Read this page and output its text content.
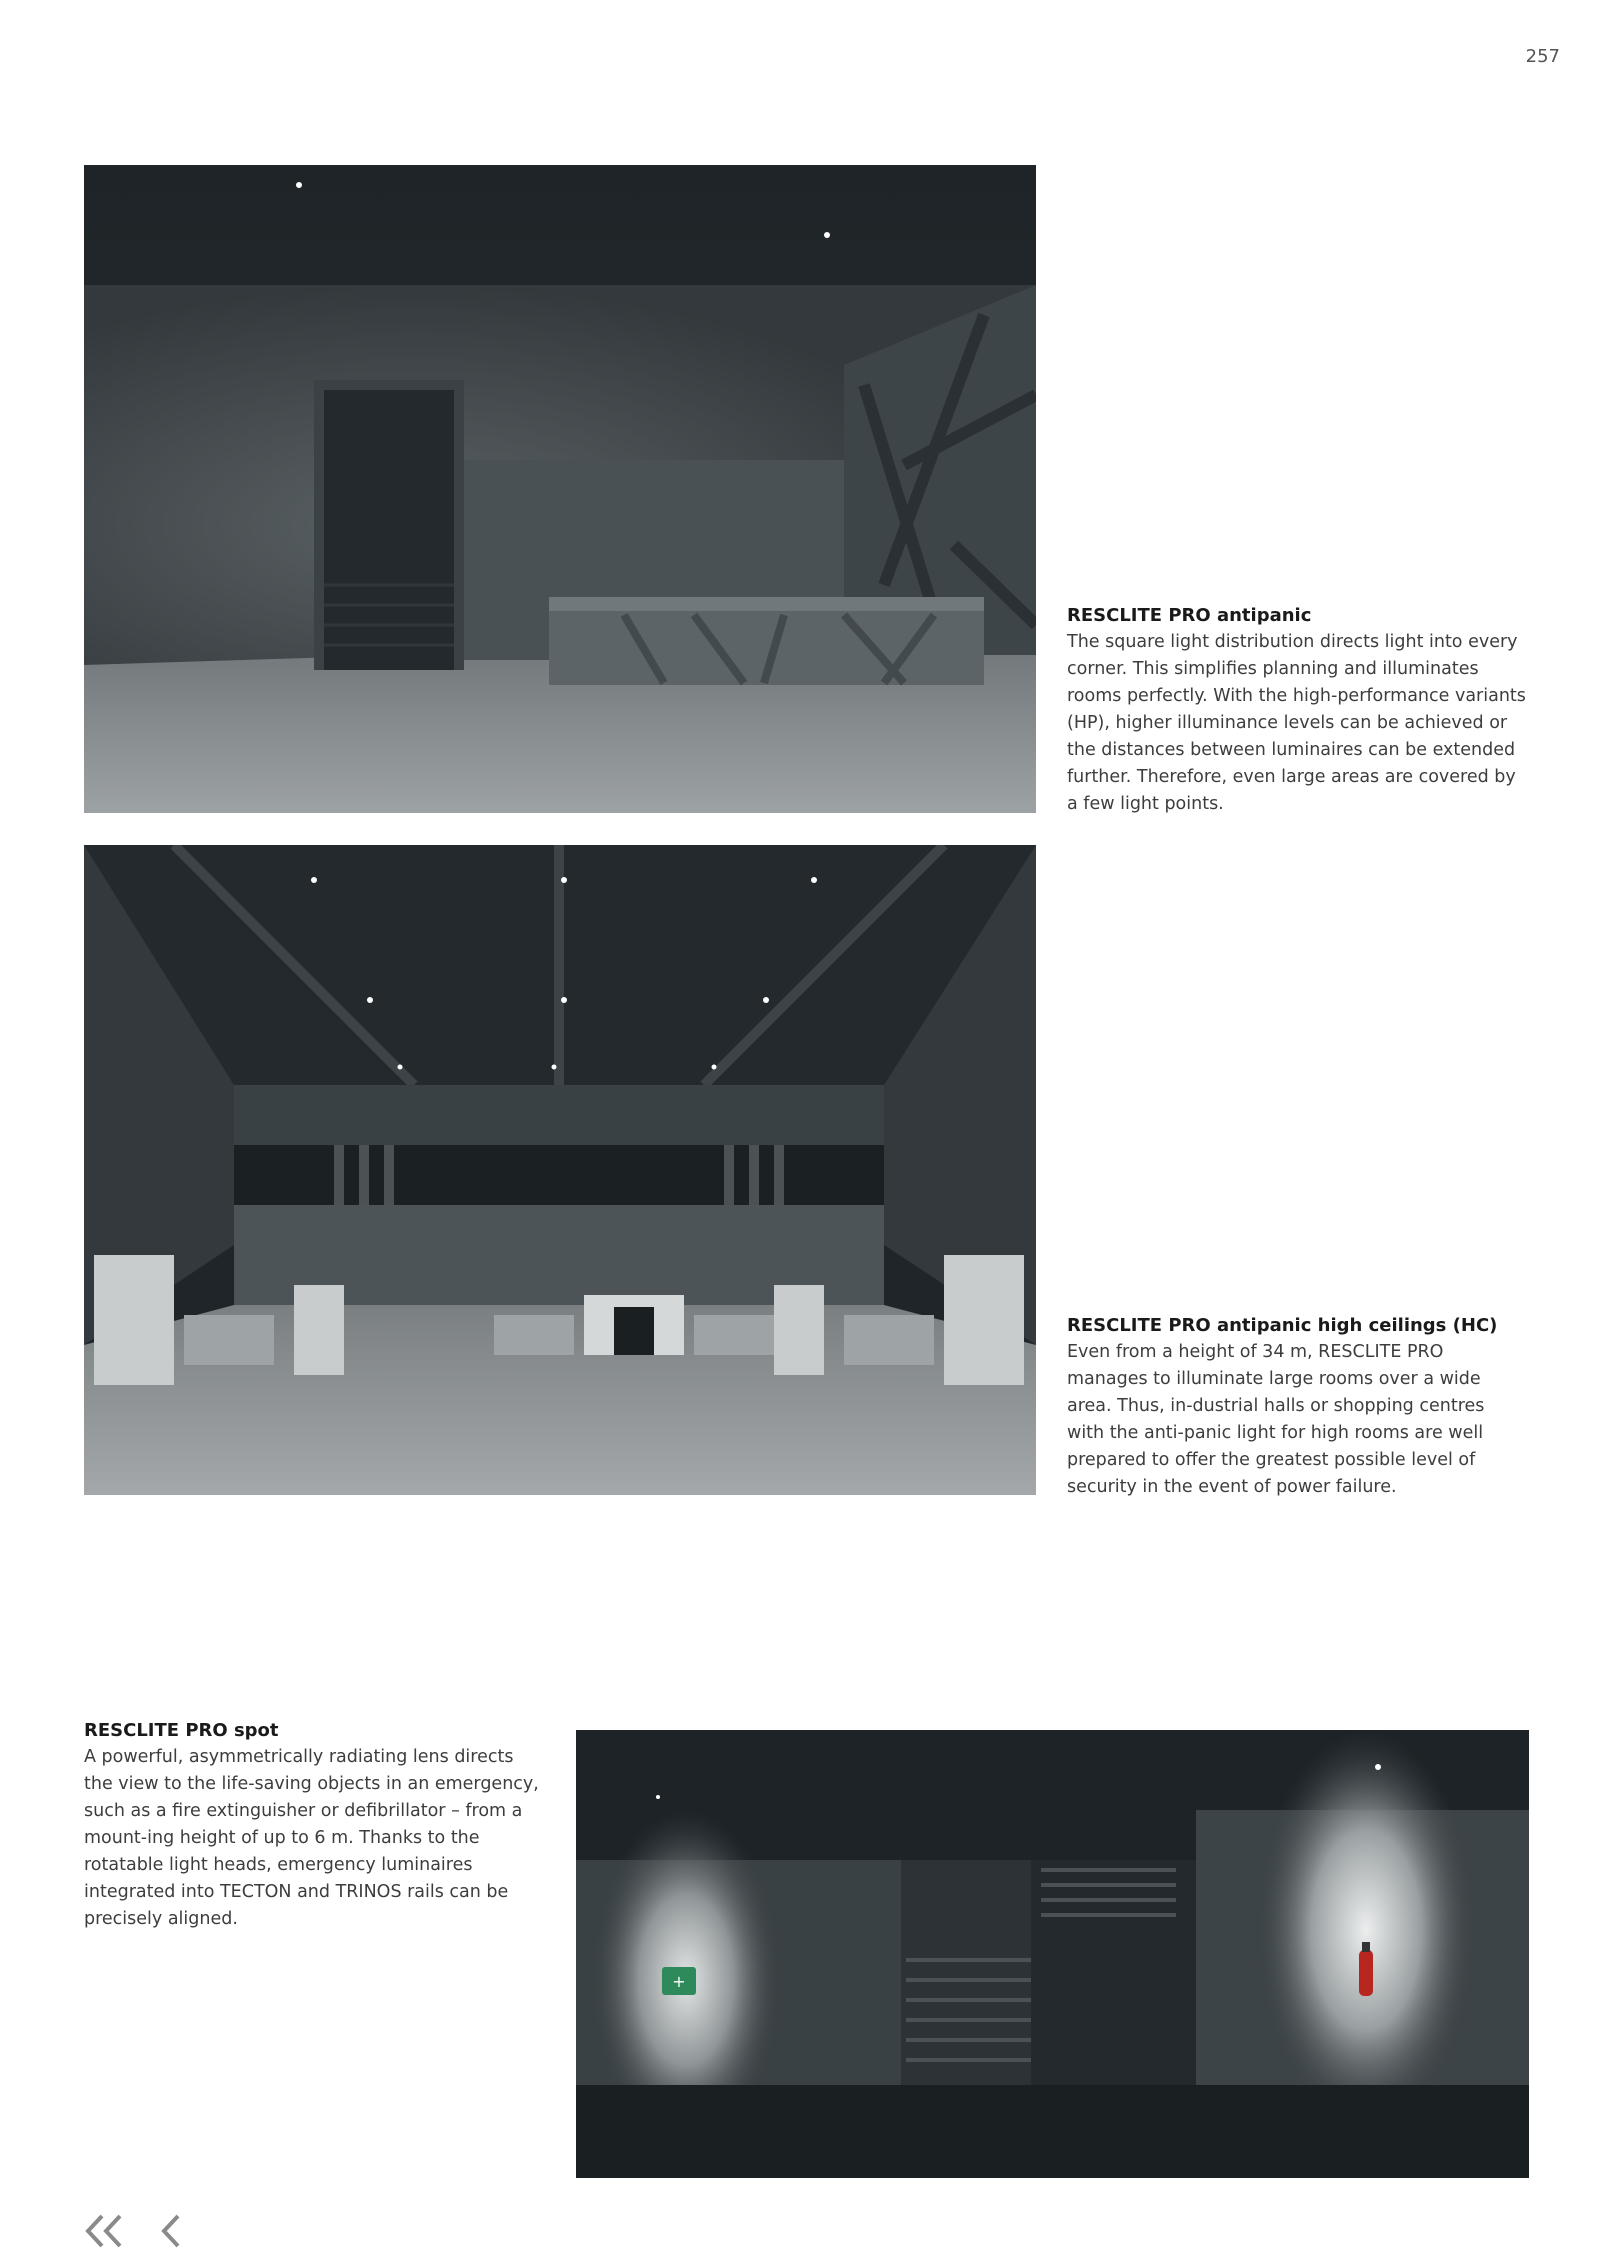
257
RESCLITE PRO antipanic

The square light distribution directs light into every corner. This simplifies planning and illuminates rooms perfectly. With the high-performance variants (HP), higher illuminance levels can be achieved or the distances between luminaires can be extended further. Therefore, even large areas are covered by a few light points.

RESCLITE PRO antipanic high ceilings (HC)

Even from a height of 34 m, RESCLITE PRO manages to illuminate large rooms over a wide area. Thus, in-dustrial halls or shopping centres with the anti-panic light for high rooms are well prepared to offer the greatest possible level of security in the event of power failure.

RESCLITE PRO spot

A powerful, asymmetrically radiating lens directs the view to the life-saving objects in an emergency, such as a fire extinguisher or defibrillator – from a mount-ing height of up to 6 m. Thanks to the rotatable light heads, emergency luminaires integrated into TECTON and TRINOS rails can be precisely aligned.

+
